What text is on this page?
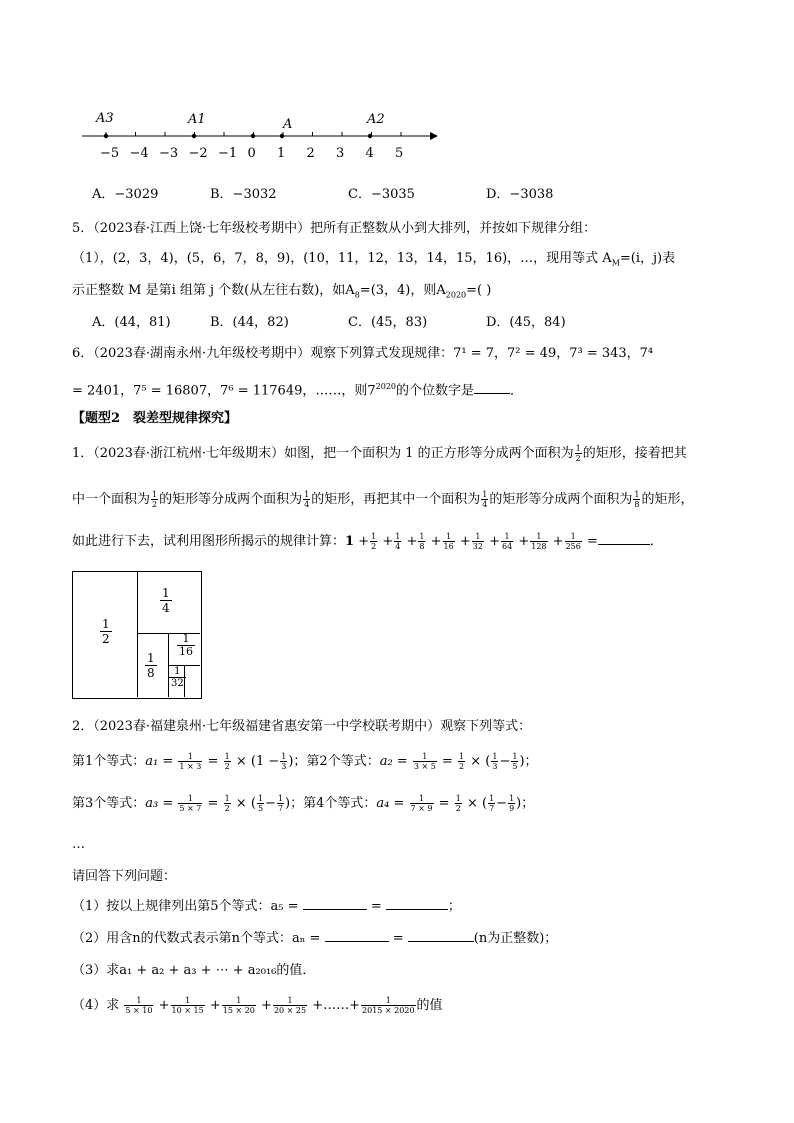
A3	A1	A	A2
−5 −4 −3 −2 −1 0 1 2 3 4 5
A．−3029	B．−3032	C．−3035	D．−3038
5．（2023春·江西上饶·七年级校考期中）把所有正整数从小到大排列，并按如下规律分组：
（1），(2，3，4)，(5，6，7，8，9)，(10，11，12，13，14，15，16)，…，现用等式 $A_M=(i$，j)表
示正整数 M 是第i 组第 j 个数(从左往右数)，如$A_8=(3$，4)，则$A_{2020}=$( )
A．(44，81)	B．(44，82)	C．(45，83)	D．(45，84)
6．（2023春·湖南永州·九年级校考期中）观察下列算式发现规律：7¹ = 7，7² = 49，7³ = 343，7⁴
= 2401，7⁵ = 16807，7⁶ = 117649，……，则$7^{2020}$的个位数字是	．
【题型2　裂差型规律探究】
1．（2023春·浙江杭州·七年级期末）如图，把一个面积为 1 的正方形等分成两个面积为 $\frac{1}{2}$ 的矩形，接着把其
中一个面积为 $\frac{1}{2}$ 的矩形等分成两个面积为 $\frac{1}{4}$ 的矩形，再把其中一个面积为 $\frac{1}{4}$ 的矩形等分成两个面积为 $\frac{1}{8}$ 的矩形，
如此进行下去，试利用图形所揭示的规律计算：$1 + \frac{1}{2} + \frac{1}{4} + \frac{1}{8} + \frac{1}{16} + \frac{1}{32} + \frac{1}{64} + \frac{1}{128} + \frac{1}{256}$ =	．
$\frac{1}{2}$
$\frac{1}{4}$
$\frac{1}{8}$
$\frac{1}{16}$
$\frac{1}{32}$
2．（2023春·福建泉州·七年级福建省惠安第一中学校联考期中）观察下列等式：
第1个等式：$a_1 = \frac{1}{1 \times 3} = \frac{1}{2} \times (1 - \frac{1}{3}$ )；第2个等式：$a_2 = \frac{1}{3 \times 5} = \frac{1}{2}$ × ( $\frac{1}{3} - \frac{1}{5}$ )；
第3个等式：$a_3 = \frac{1}{5 \times 7} = \frac{1}{2}$ × ( $\frac{1}{5} - \frac{1}{7}$ )；第4个等式：$a_4 = \frac{1}{7 \times 9} = \frac{1}{2}$ × ( $\frac{1}{7} - \frac{1}{9}$ )；
…
请回答下列问题：
（1）按以上规律列出第5个等式：a₅ =	=	；
（2）用含n的代数式表示第n个等式：aₙ =	=	(n为正整数)；
（3）求a₁ + a₂ + a₃ + ⋯ + a₂₀₁₆的值．
（4）求 $\frac{1}{5 \times 10} + \frac{1}{10 \times 15} + \frac{1}{15 \times 20} + \frac{1}{20 \times 25}$ +……+ $\frac{1}{2015 \times 2020}$ 的值
